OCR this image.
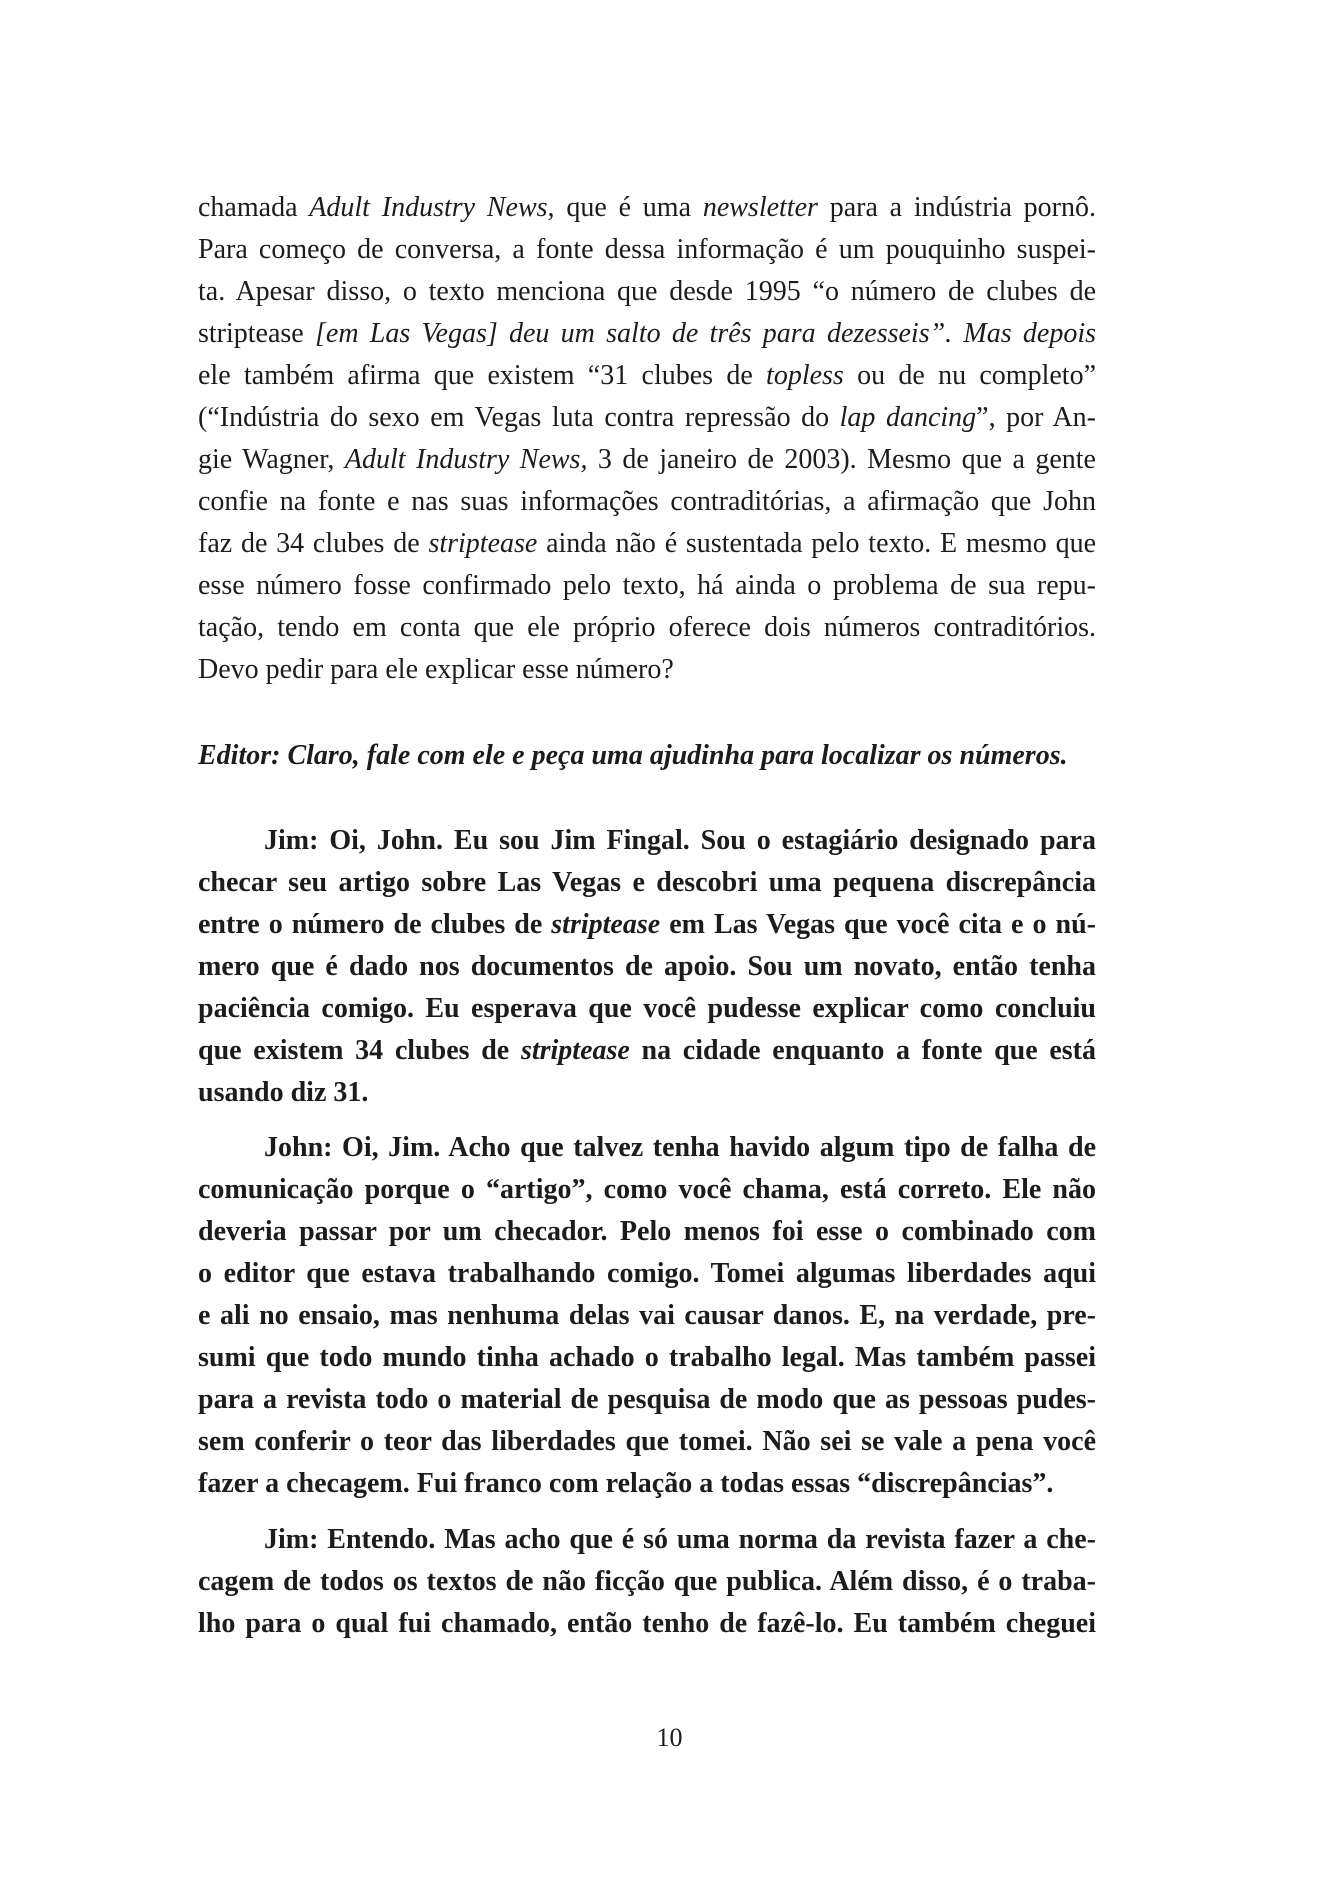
chamada Adult Industry News, que é uma newsletter para a indústria pornô.
Para começo de conversa, a fonte dessa informação é um pouquinho suspei-
ta. Apesar disso, o texto menciona que desde 1995 “o número de clubes de
striptease [em Las Vegas] deu um salto de três para dezesseis”. Mas depois
ele também afirma que existem “31 clubes de topless ou de nu completo”
(“Indústria do sexo em Vegas luta contra repressão do lap dancing”, por An-
gie Wagner, Adult Industry News, 3 de janeiro de 2003). Mesmo que a gente
confie na fonte e nas suas informações contraditórias, a afirmação que John
faz de 34 clubes de striptease ainda não é sustentada pelo texto. E mesmo que
esse número fosse confirmado pelo texto, há ainda o problema de sua repu-
tação, tendo em conta que ele próprio oferece dois números contraditórios.
Devo pedir para ele explicar esse número?
Editor: Claro, fale com ele e peça uma ajudinha para localizar os números.
Jim: Oi, John. Eu sou Jim Fingal. Sou o estagiário designado para
checar seu artigo sobre Las Vegas e descobri uma pequena discrepância
entre o número de clubes de striptease em Las Vegas que você cita e o nú-
mero que é dado nos documentos de apoio. Sou um novato, então tenha
paciência comigo. Eu esperava que você pudesse explicar como concluiu
que existem 34 clubes de striptease na cidade enquanto a fonte que está
usando diz 31.
John: Oi, Jim. Acho que talvez tenha havido algum tipo de falha de
comunicação porque o “artigo”, como você chama, está correto. Ele não
deveria passar por um checador. Pelo menos foi esse o combinado com
o editor que estava trabalhando comigo. Tomei algumas liberdades aqui
e ali no ensaio, mas nenhuma delas vai causar danos. E, na verdade, pre-
sumi que todo mundo tinha achado o trabalho legal. Mas também passei
para a revista todo o material de pesquisa de modo que as pessoas pudes-
sem conferir o teor das liberdades que tomei. Não sei se vale a pena você
fazer a checagem. Fui franco com relação a todas essas “discrepâncias”.
Jim: Entendo. Mas acho que é só uma norma da revista fazer a che-
cagem de todos os textos de não ficção que publica. Além disso, é o traba-
lho para o qual fui chamado, então tenho de fazê-lo. Eu também cheguei
10
